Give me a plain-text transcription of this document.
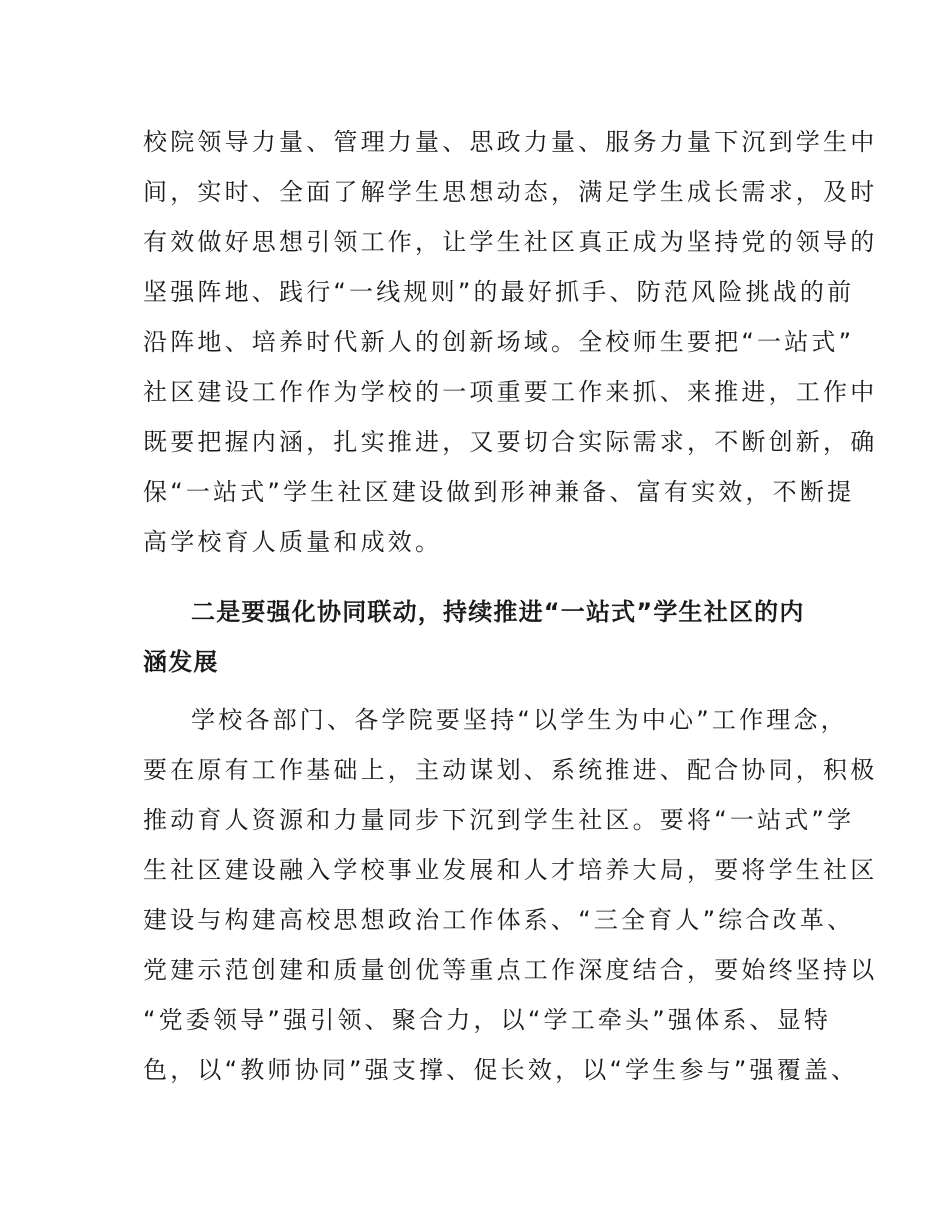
校院领导力量、管理力量、思政力量、服务力量下沉到学生中
间，实时、全面了解学生思想动态，满足学生成长需求，及时
有效做好思想引领工作，让学生社区真正成为坚持党的领导的
坚强阵地、践行“一线规则”的最好抓手、防范风险挑战的前
沿阵地、培养时代新人的创新场域。全校师生要把“一站式”
社区建设工作作为学校的一项重要工作来抓、来推进，工作中
既要把握内涵，扎实推进，又要切合实际需求，不断创新，确
保“一站式”学生社区建设做到形神兼备、富有实效，不断提
高学校育人质量和成效。
二是要强化协同联动，持续推进“一站式”学生社区的内
涵发展
学校各部门、各学院要坚持“以学生为中心”工作理念，
要在原有工作基础上，主动谋划、系统推进、配合协同，积极
推动育人资源和力量同步下沉到学生社区。要将“一站式”学
生社区建设融入学校事业发展和人才培养大局，要将学生社区
建设与构建高校思想政治工作体系、“三全育人”综合改革、
党建示范创建和质量创优等重点工作深度结合，要始终坚持以
“党委领导”强引领、聚合力，以“学工牵头”强体系、显特
色，以“教师协同”强支撑、促长效，以“学生参与”强覆盖、
